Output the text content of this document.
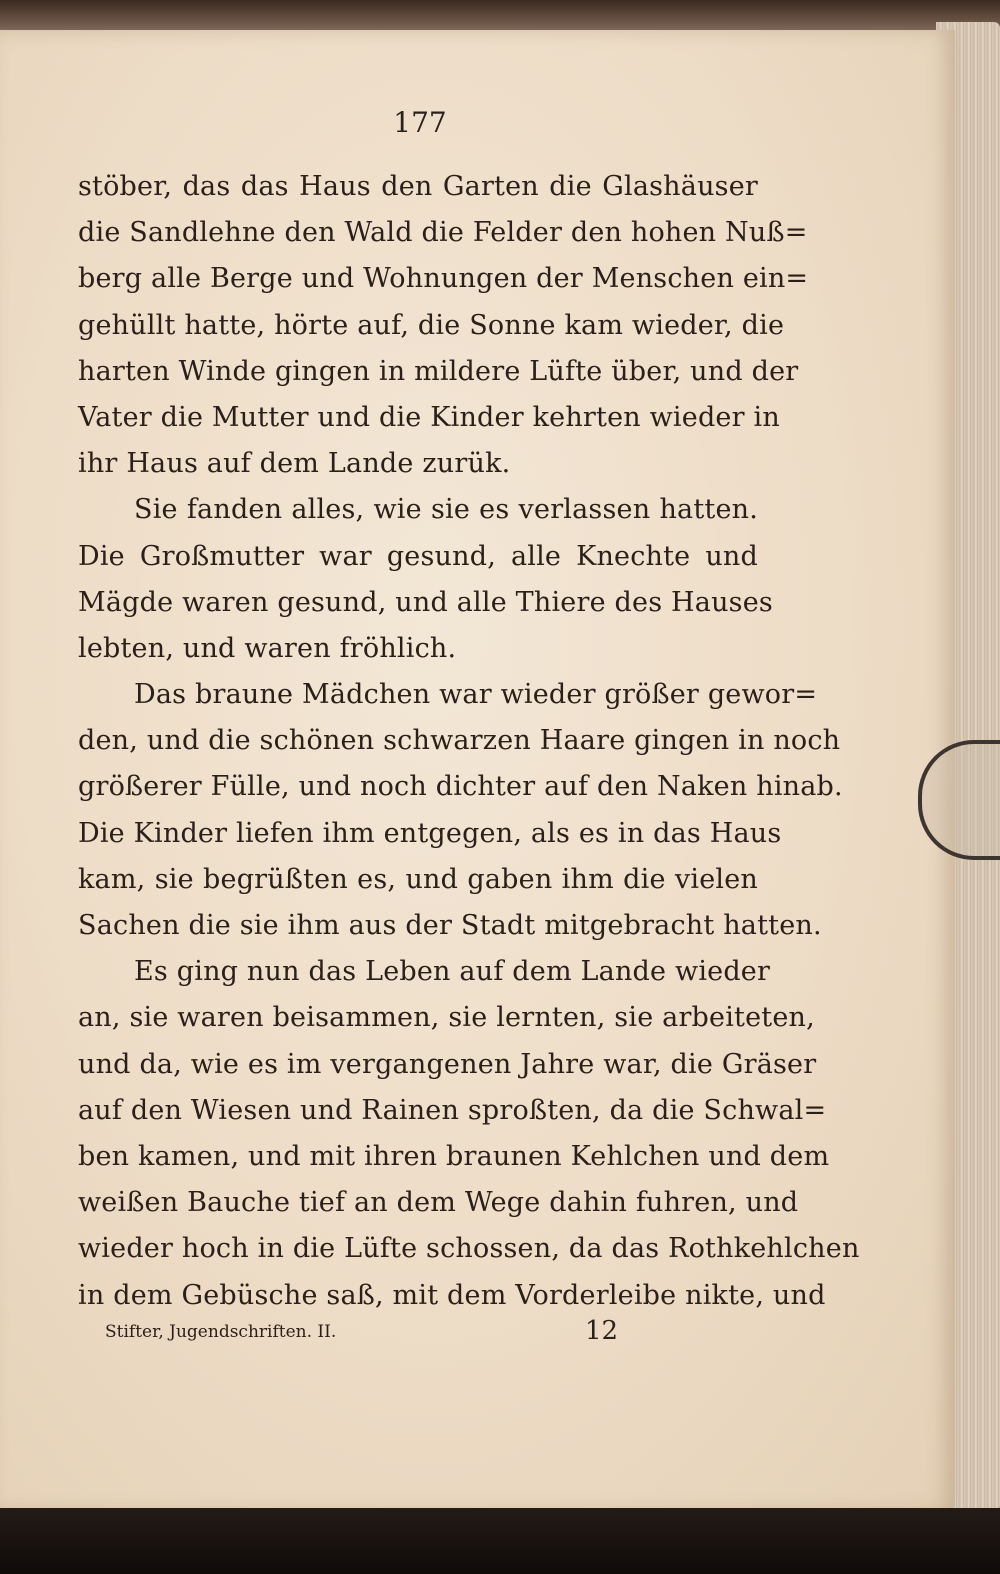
177
stöber, das das Haus den Garten die Glashäuser
die Sandlehne den Wald die Felder den hohen Nuß=
berg alle Berge und Wohnungen der Menschen ein=
gehüllt hatte, hörte auf, die Sonne kam wieder, die
harten Winde gingen in mildere Lüfte über, und der
Vater die Mutter und die Kinder kehrten wieder in
ihr Haus auf dem Lande zurük.
Sie fanden alles, wie sie es verlassen hatten.
Die Großmutter war gesund, alle Knechte und
Mägde waren gesund, und alle Thiere des Hauses
lebten, und waren fröhlich.
Das braune Mädchen war wieder größer gewor=
den, und die schönen schwarzen Haare gingen in noch
größerer Fülle, und noch dichter auf den Naken hinab.
Die Kinder liefen ihm entgegen, als es in das Haus
kam, sie begrüßten es, und gaben ihm die vielen
Sachen die sie ihm aus der Stadt mitgebracht hatten.
Es ging nun das Leben auf dem Lande wieder
an, sie waren beisammen, sie lernten, sie arbeiteten,
und da, wie es im vergangenen Jahre war, die Gräser
auf den Wiesen und Rainen sproßten, da die Schwal=
ben kamen, und mit ihren braunen Kehlchen und dem
weißen Bauche tief an dem Wege dahin fuhren, und
wieder hoch in die Lüfte schossen, da das Rothkehlchen
in dem Gebüsche saß, mit dem Vorderleibe nikte, und
Stifter, Jugendschriften. II.	12
